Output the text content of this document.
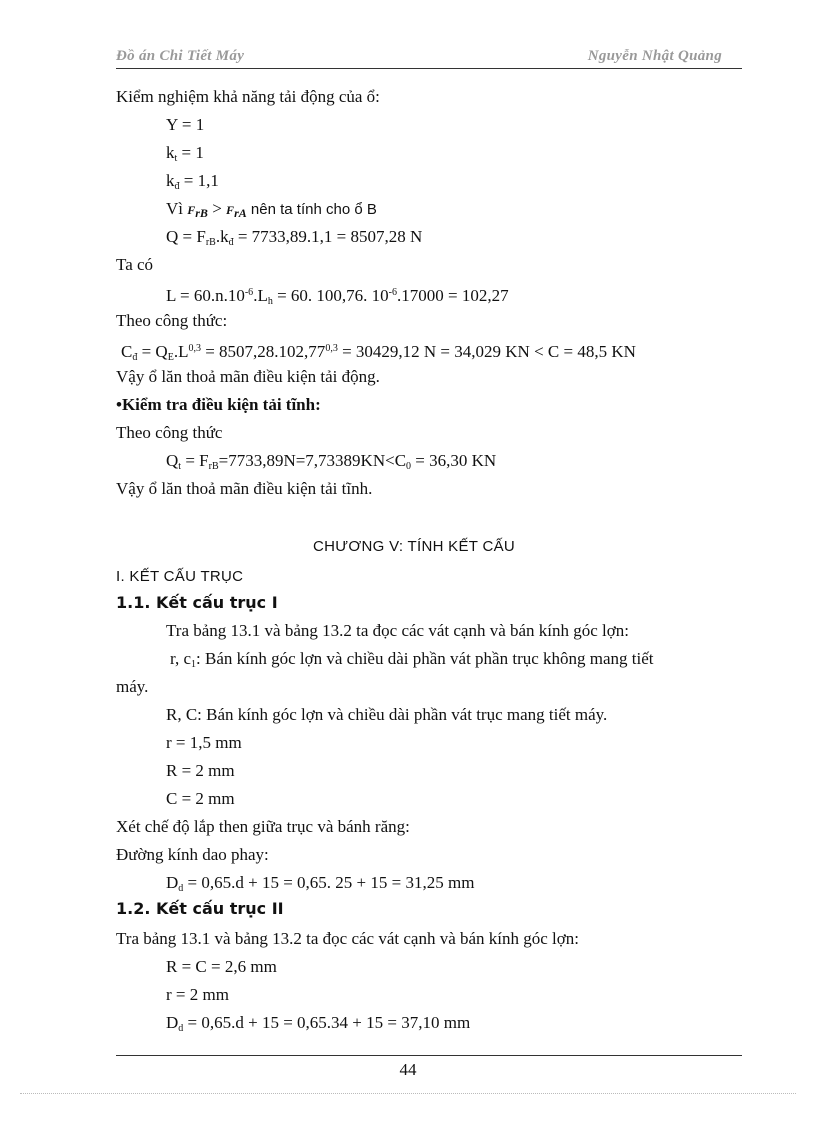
Đồ án Chi Tiết Máy	Nguyễn Nhật Quảng
Kiểm nghiệm khả năng tải động của ổ:
Y = 1
$k_t = 1$
$k_đ = 1,1$
Vì $F_{rB} > F_{rA}$ nên ta tính cho ổ B
$Q = F_{rB}.k_đ = 7733,89.1,1 = 8507,28$ N
Ta có
$L = 60.n.10^{-6}.L_h = 60$. 100,76. $10^{-6}.17000 = 102,27$
Theo công thức:
$C_đ = Q_E.L^{0,3} = 8507,28.102,77^{0,3} = 30429,12$ N = 34,029 KN < C = 48,5 KN
Vậy ổ lăn thoả mãn điều kiện tải động.
•Kiểm tra điều kiện tải tĩnh:
Theo công thức
$Q_t = F_{rB}=7733,89N=7,73389KN<C_0 = 36,30$ KN
Vậy ổ lăn thoả mãn điều kiện tải tĩnh.
CHƯƠNG V: TÍNH KẾT CẤU
I. KẾT CẤU TRỤC
1.1. Kết cấu trục I
Tra bảng 13.1 và bảng 13.2 ta đọc các vát cạnh và bán kính góc lợn:
r, $c_1$: Bán kính góc lợn và chiều dài phần vát phần trục không mang tiết
máy.
R, C: Bán kính góc lợn và chiều dài phần vát trục mang tiết máy.
r = 1,5 mm
R = 2 mm
C = 2 mm
Xét chế độ lắp then giữa trục và bánh răng:
Đường kính dao phay:
$D_d = 0,65.d + 15 = 0,65$. 25 + 15 = 31,25 mm
1.2. Kết cấu trục II
Tra bảng 13.1 và bảng 13.2 ta đọc các vát cạnh và bán kính góc lợn:
R = C = 2,6 mm
r = 2 mm
$D_d = 0,65.d + 15 = 0,65.34 + 15 = 37,10$ mm
44
